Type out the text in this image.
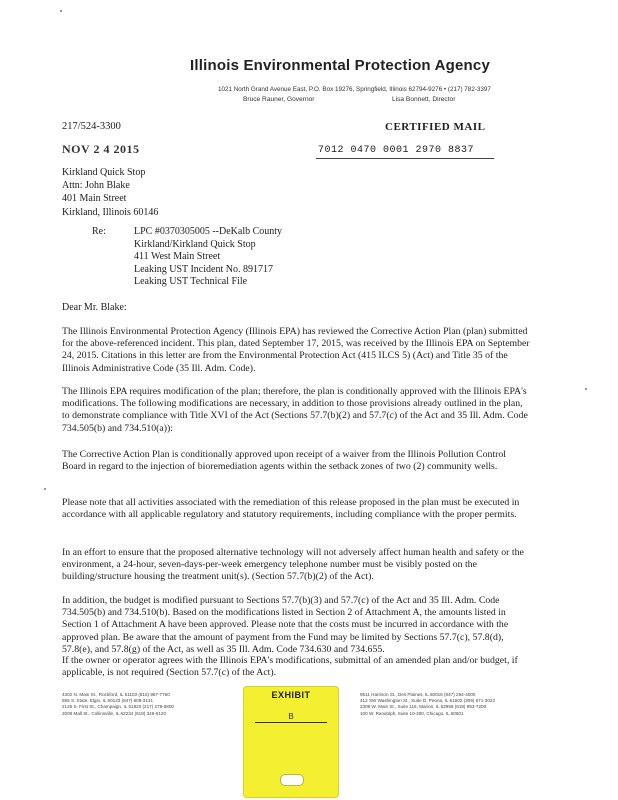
Illinois Environmental Protection Agency
1021 North Grand Avenue East, P.O. Box 19276, Springfield, Illinois 62794-9276 • (217) 782-3397
Bruce Rauner, Governor	Lisa Bonnett, Director
217/524-3300	CERTIFIED MAIL
NOV 2 4 2015	7012 0470 0001 2970 8837
Kirkland Quick Stop
Attn: John Blake
401 Main Street
Kirkland, Illinois 60146
Re:	LPC #0370305005 --DeKalb County
Kirkland/Kirkland Quick Stop
411 West Main Street
Leaking UST Incident No. 891717
Leaking UST Technical File
Dear Mr. Blake:

The Illinois Environmental Protection Agency (Illinois EPA) has reviewed the Corrective Action Plan (plan) submitted for the above-referenced incident. This plan, dated September 17, 2015, was received by the Illinois EPA on September 24, 2015. Citations in this letter are from the Environmental Protection Act (415 ILCS 5) (Act) and Title 35 of the Illinois Administrative Code (35 Ill. Adm. Code).

The Illinois EPA requires modification of the plan; therefore, the plan is conditionally approved with the Illinois EPA's modifications. The following modifications are necessary, in addition to those provisions already outlined in the plan, to demonstrate compliance with Title XVI of the Act (Sections 57.7(b)(2) and 57.7(c) of the Act and 35 Ill. Adm. Code 734.505(b) and 734.510(a)):

The Corrective Action Plan is conditionally approved upon receipt of a waiver from the Illinois Pollution Control Board in regard to the injection of bioremediation agents within the setback zones of two (2) community wells.

Please note that all activities associated with the remediation of this release proposed in the plan must be executed in accordance with all applicable regulatory and statutory requirements, including compliance with the proper permits.

In an effort to ensure that the proposed alternative technology will not adversely affect human health and safety or the environment, a 24-hour, seven-days-per-week emergency telephone number must be visibly posted on the building/structure housing the treatment unit(s). (Section 57.7(b)(2) of the Act).

In addition, the budget is modified pursuant to Sections 57.7(b)(3) and 57.7(c) of the Act and 35 Ill. Adm. Code 734.505(b) and 734.510(b). Based on the modifications listed in Section 2 of Attachment A, the amounts listed in Section 1 of Attachment A have been approved. Please note that the costs must be incurred in accordance with the approved plan. Be aware that the amount of payment from the Fund may be limited by Sections 57.7(c), 57.8(d), 57.8(e), and 57.8(g) of the Act, as well as 35 Ill. Adm. Code 734.630 and 734.655.

If the owner or operator agrees with the Illinois EPA's modifications, submittal of an amended plan and/or budget, if applicable, is not required (Section 57.7(c) of the Act).

4302 N. Main St., Rockford, IL 61103 (815) 987-7760
595 S. State, Elgin, IL 60123 (847) 608-3131
2125 S. First St., Champaign, IL 61820 (217) 278-5800
2009 Mall St., Collinsville, IL 62234 (618) 346-5120
9511 Harrison St., Des Plaines, IL 60016 (847) 294-4000
412 SW Washington St., Suite D, Peoria, IL 61602 (309) 671-3022
2309 W. Main St., Suite 116, Marion, IL 62959 (618) 993-7200
100 W. Randolph, Suite 10-300, Chicago, IL 60601
EXHIBIT
B
